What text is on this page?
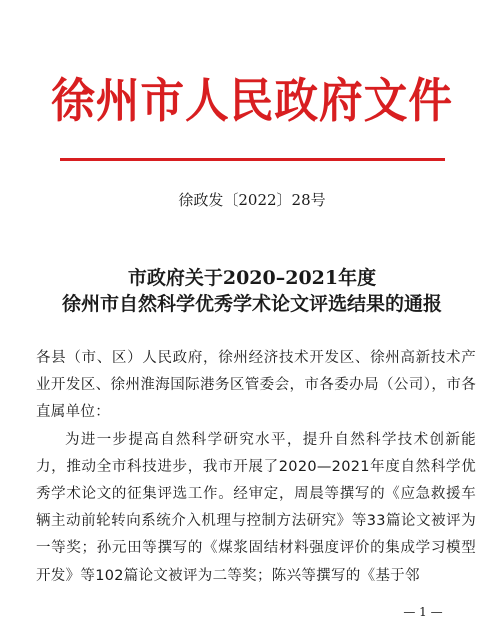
徐州市人民政府文件
徐政发〔2022〕28号
市政府关于2020–2021年度
徐州市自然科学优秀学术论文评选结果的通报

各县（市、区）人民政府，徐州经济技术开发区、徐州高新技术产业开发区、徐州淮海国际港务区管委会，市各委办局（公司），市各直属单位：

为进一步提高自然科学研究水平，提升自然科学技术创新能力，推动全市科技进步，我市开展了2020—2021年度自然科学优秀学术论文的征集评选工作。经审定，周晨等撰写的《应急救援车辆主动前轮转向系统介入机理与控制方法研究》等33篇论文被评为一等奖；孙元田等撰写的《煤浆固结材料强度评价的集成学习模型开发》等102篇论文被评为二等奖；陈兴等撰写的《基于邻

— 1 —
